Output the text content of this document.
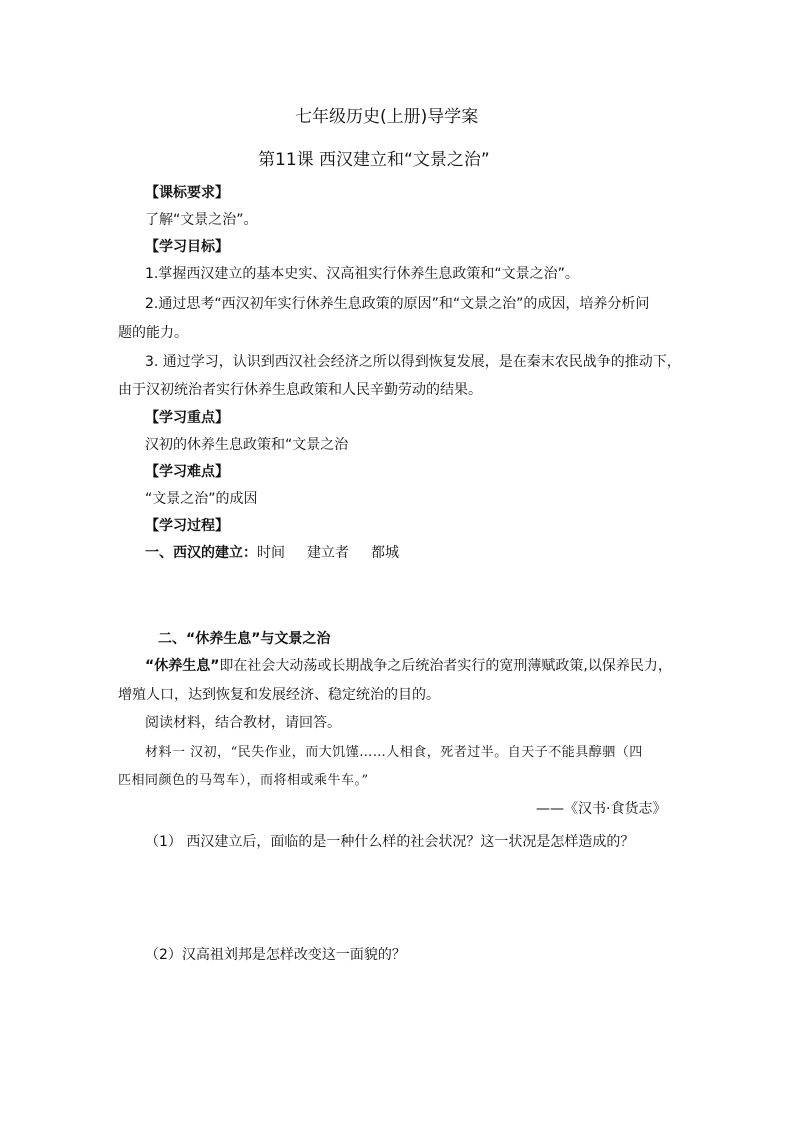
七年级历史(上册)导学案
第11课 西汉建立和“文景之治”
【课标要求】
了解“文景之治”。
【学习目标】
1.掌握西汉建立的基本史实、汉高祖实行休养生息政策和“文景之治”。
2.通过思考“西汉初年实行休养生息政策的原因”和“文景之治”的成因，培养分析问
题的能力。
3. 通过学习，认识到西汉社会经济之所以得到恢复发展，是在秦末农民战争的推动下，
由于汉初统治者实行休养生息政策和人民辛勤劳动的结果。
【学习重点】
汉初的休养生息政策和“文景之治
【学习难点】
“文景之治”的成因
【学习过程】
一、西汉的建立：时间 建立者 都城
二、“休养生息”与文景之治
“休养生息”即在社会大动荡或长期战争之后统治者实行的宽刑薄赋政策,以保养民力，
增殖人口，达到恢复和发展经济、稳定统治的目的。
阅读材料，结合教材，请回答。
材料一 汉初，“民失作业，而大饥馑……人相食，死者过半。自天子不能具醇驷（四
匹相同颜色的马驾车），而将相或乘牛车。”
——《汉书·食货志》
（1） 西汉建立后，面临的是一种什么样的社会状况？这一状况是怎样造成的？
（2）汉高祖刘邦是怎样改变这一面貌的？
